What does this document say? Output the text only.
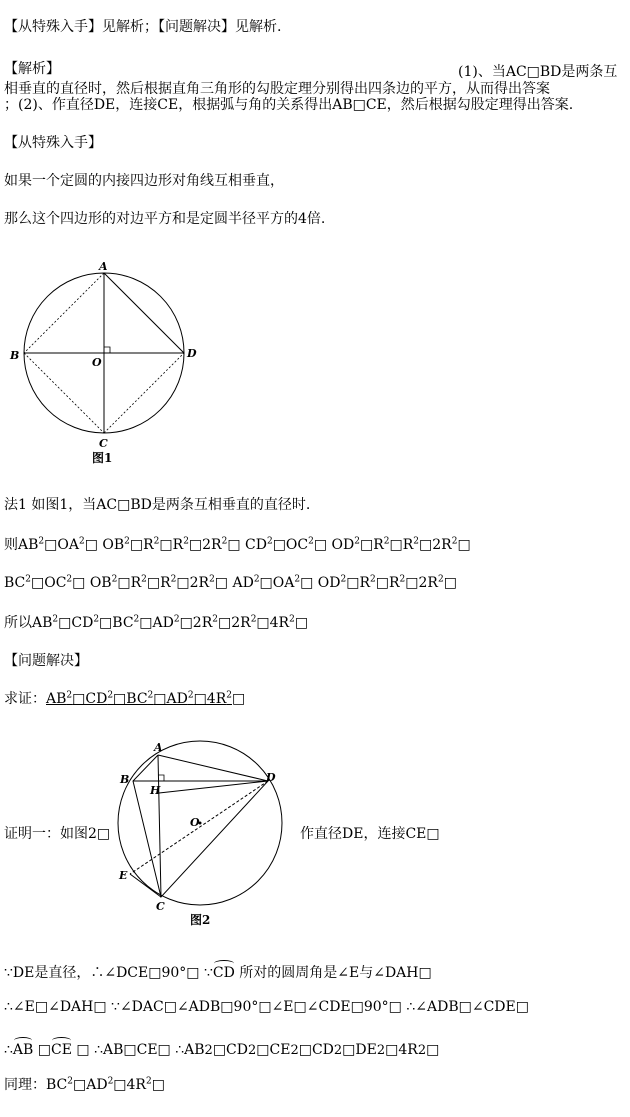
【从特殊入手】见解析；【问题解决】见解析.
【解析】	(1)、当AC□BD是两条互
相垂直的直径时，然后根据直角三角形的勾股定理分别得出四条边的平方，从而得出答案
；(2)、作直径DE，连接CE，根据弧与角的关系得出AB□CE，然后根据勾股定理得出答案.
【从特殊入手】
如果一个定圆的内接四边形对角线互相垂直，
那么这个四边形的对边平方和是定圆半径平方的4倍.
A
B
C
D
O
图1
法1 如图1，当AC□BD是两条互相垂直的直径时.
则$AB^2□OA^2□$ $OB^2□R^2□R^2□2R^2□$ $CD^2□OC^2□$ $OD^2□R^2□R^2□2R^2□$
$BC^2□OC^2□$ $OB^2□R^2□R^2□2R^2□$ $AD^2□OA^2□$ $OD^2□R^2□R^2□2R^2□$
所以$AB^2□CD^2□BC^2□AD^2□2R^2□2R^2□4R^2□$
【问题解决】
求证：$AB^2□CD^2□BC^2□AD^2□4R^2□$
A
B
H
D
O
E
C
图2
证明一：如图2□	作直径DE，连接CE□
∵DE是直径，∴∠DCE□90°□ ∵CD 所对的圆周角是∠E与∠DAH□
∴∠E□∠DAH□ ∵∠DAC□∠ADB□90°□∠E□∠CDE□90°□ ∴∠ADB□∠CDE□
∴AB □CE □ ∴AB□CE□ ∴AB2□CD2□CE2□CD2□DE2□4R2□
同理：$BC^2□AD^2□4R^2□$
